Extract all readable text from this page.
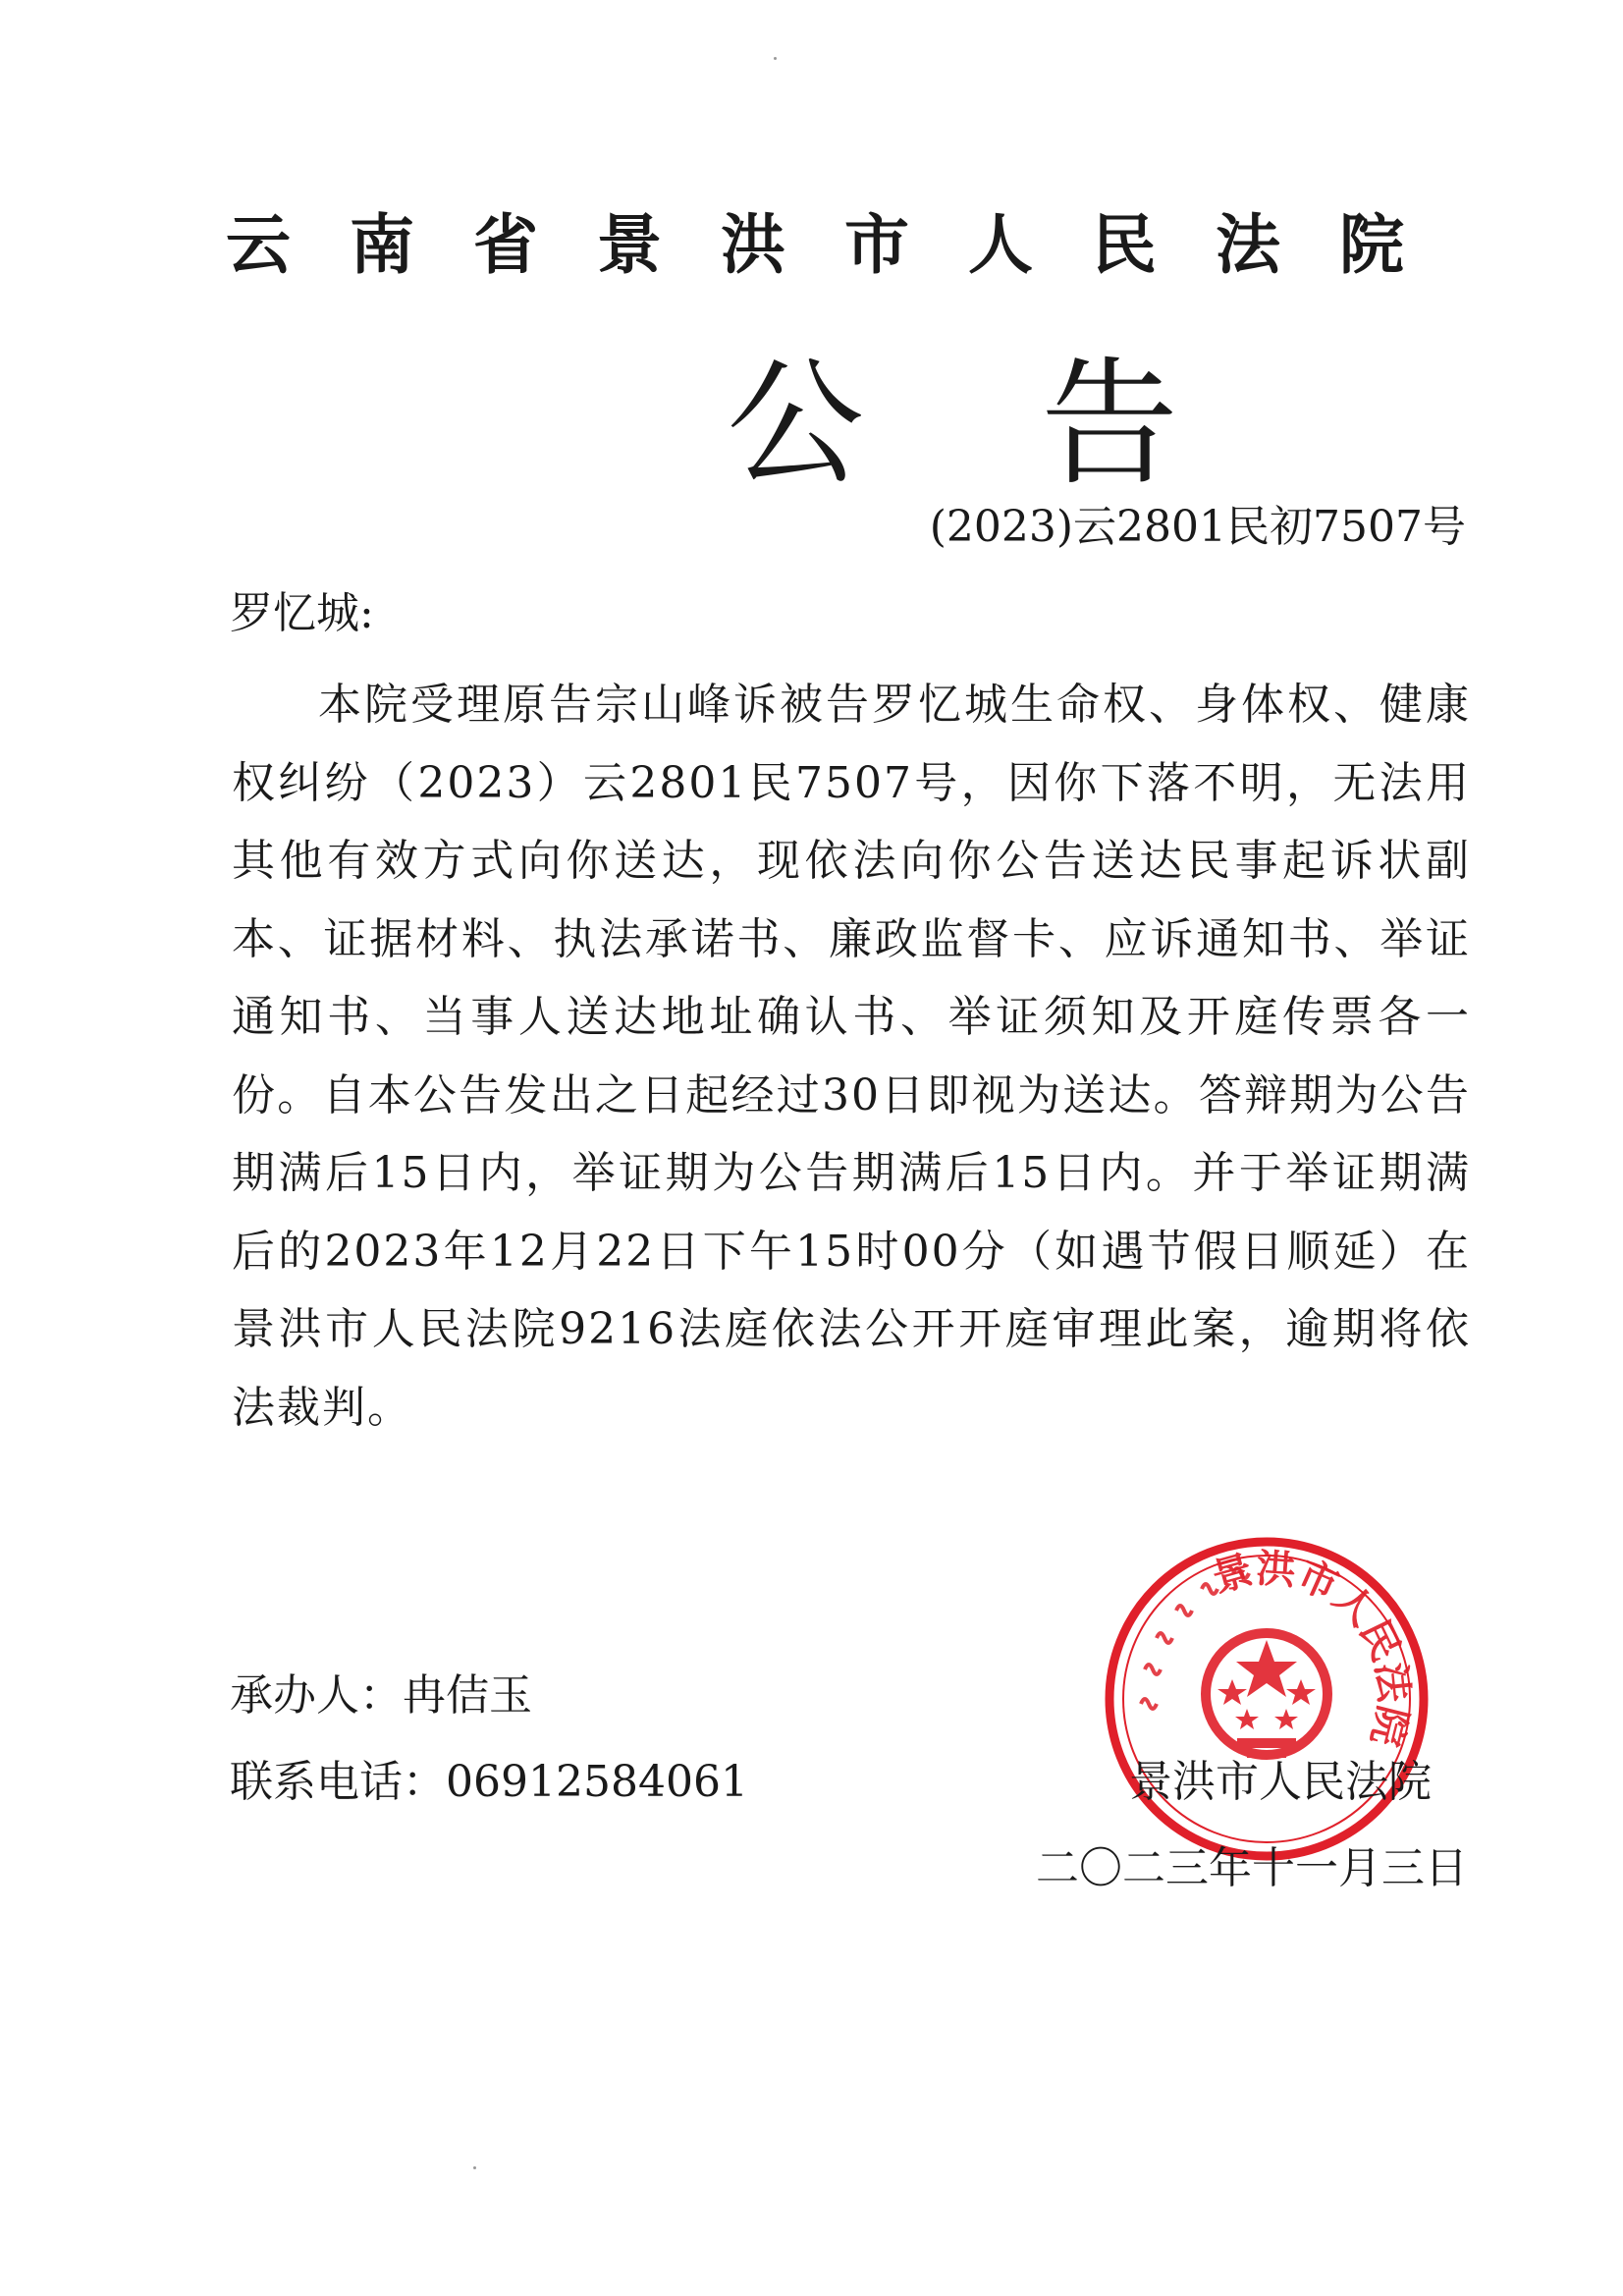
云南省景洪市人民法院
公告
(2023)云2801民初7507号
罗忆城:
本院受理原告宗山峰诉被告罗忆城生命权、身体权、健康权纠纷（2023）云2801民7507号，因你下落不明，无法用其他有效方式向你送达，现依法向你公告送达民事起诉状副本、证据材料、执法承诺书、廉政监督卡、应诉通知书、举证通知书、当事人送达地址确认书、举证须知及开庭传票各一份。自本公告发出之日起经过30日即视为送达。答辩期为公告期满后15日内，举证期为公告期满后15日内。并于举证期满后的2023年12月22日下午15时00分（如遇节假日顺延）在景洪市人民法院9216法庭依法公开开庭审理此案，逾期将依法裁判。
承办人：冉佶玉
联系电话：06912584061
景洪市人民法院
景洪市人民法院
二〇二三年十一月三日
